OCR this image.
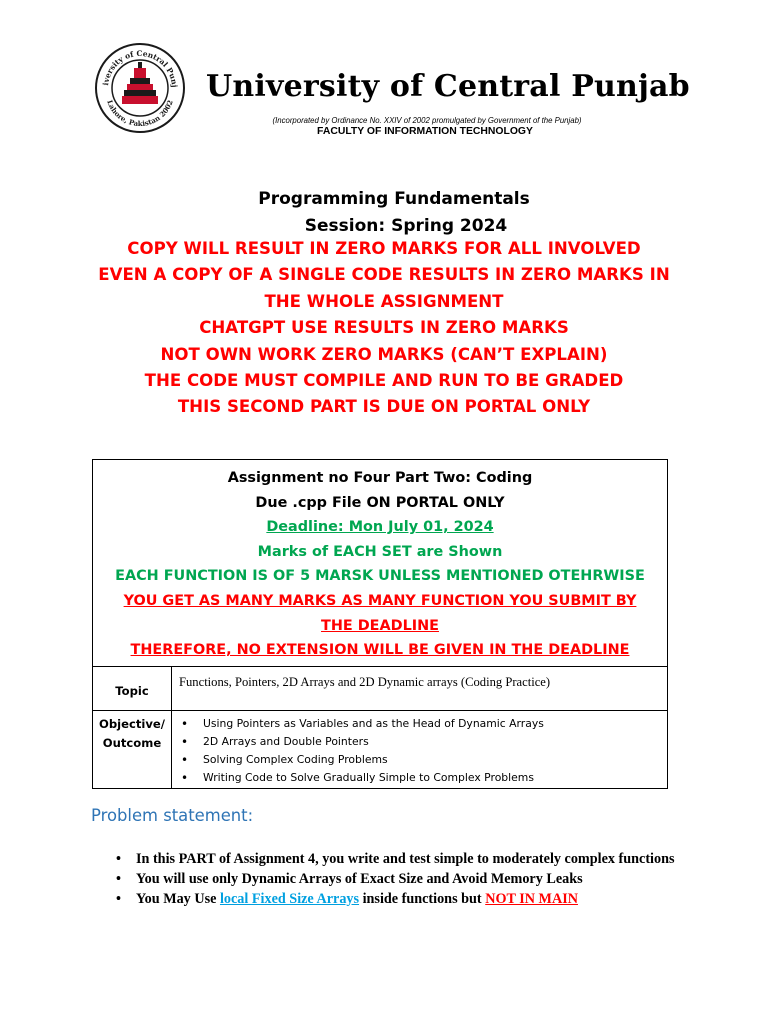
iversity of Central Punj
Lahore, Pakistan 2002 University of Central Punjab
(Incorporated by Ordinance No. XXIV of 2002 promulgated by Government of the Punjab)
FACULTY OF INFORMATION TECHNOLOGY
Programming Fundamentals
Session: Spring 2024
COPY WILL RESULT IN ZERO MARKS FOR ALL INVOLVED
EVEN A COPY OF A SINGLE CODE RESULTS IN ZERO MARKS IN
THE WHOLE ASSIGNMENT
CHATGPT USE RESULTS IN ZERO MARKS
NOT OWN WORK ZERO MARKS (CAN’T EXPLAIN)
THE CODE MUST COMPILE AND RUN TO BE GRADED
THIS SECOND PART IS DUE ON PORTAL ONLY
Assignment no Four Part Two: Coding
Due .cpp File ON PORTAL ONLY
Deadline: Mon July 01, 2024
Marks of EACH SET are Shown
EACH FUNCTION IS OF 5 MARSK UNLESS MENTIONED OTEHRWISE
YOU GET AS MANY MARKS AS MANY FUNCTION YOU SUBMIT BY
THE DEADLINE
THEREFORE, NO EXTENSION WILL BE GIVEN IN THE DEADLINE
Topic
Functions, Pointers, 2D Arrays and 2D Dynamic arrays (Coding Practice)
Objective/
Outcome
• Using Pointers as Variables and as the Head of Dynamic Arrays
• 2D Arrays and Double Pointers
• Solving Complex Coding Problems
• Writing Code to Solve Gradually Simple to Complex Problems
Problem statement:
• In this PART of Assignment 4, you write and test simple to moderately complex functions
• You will use only Dynamic Arrays of Exact Size and Avoid Memory Leaks
• You May Use local Fixed Size Arrays inside functions but NOT IN MAIN
